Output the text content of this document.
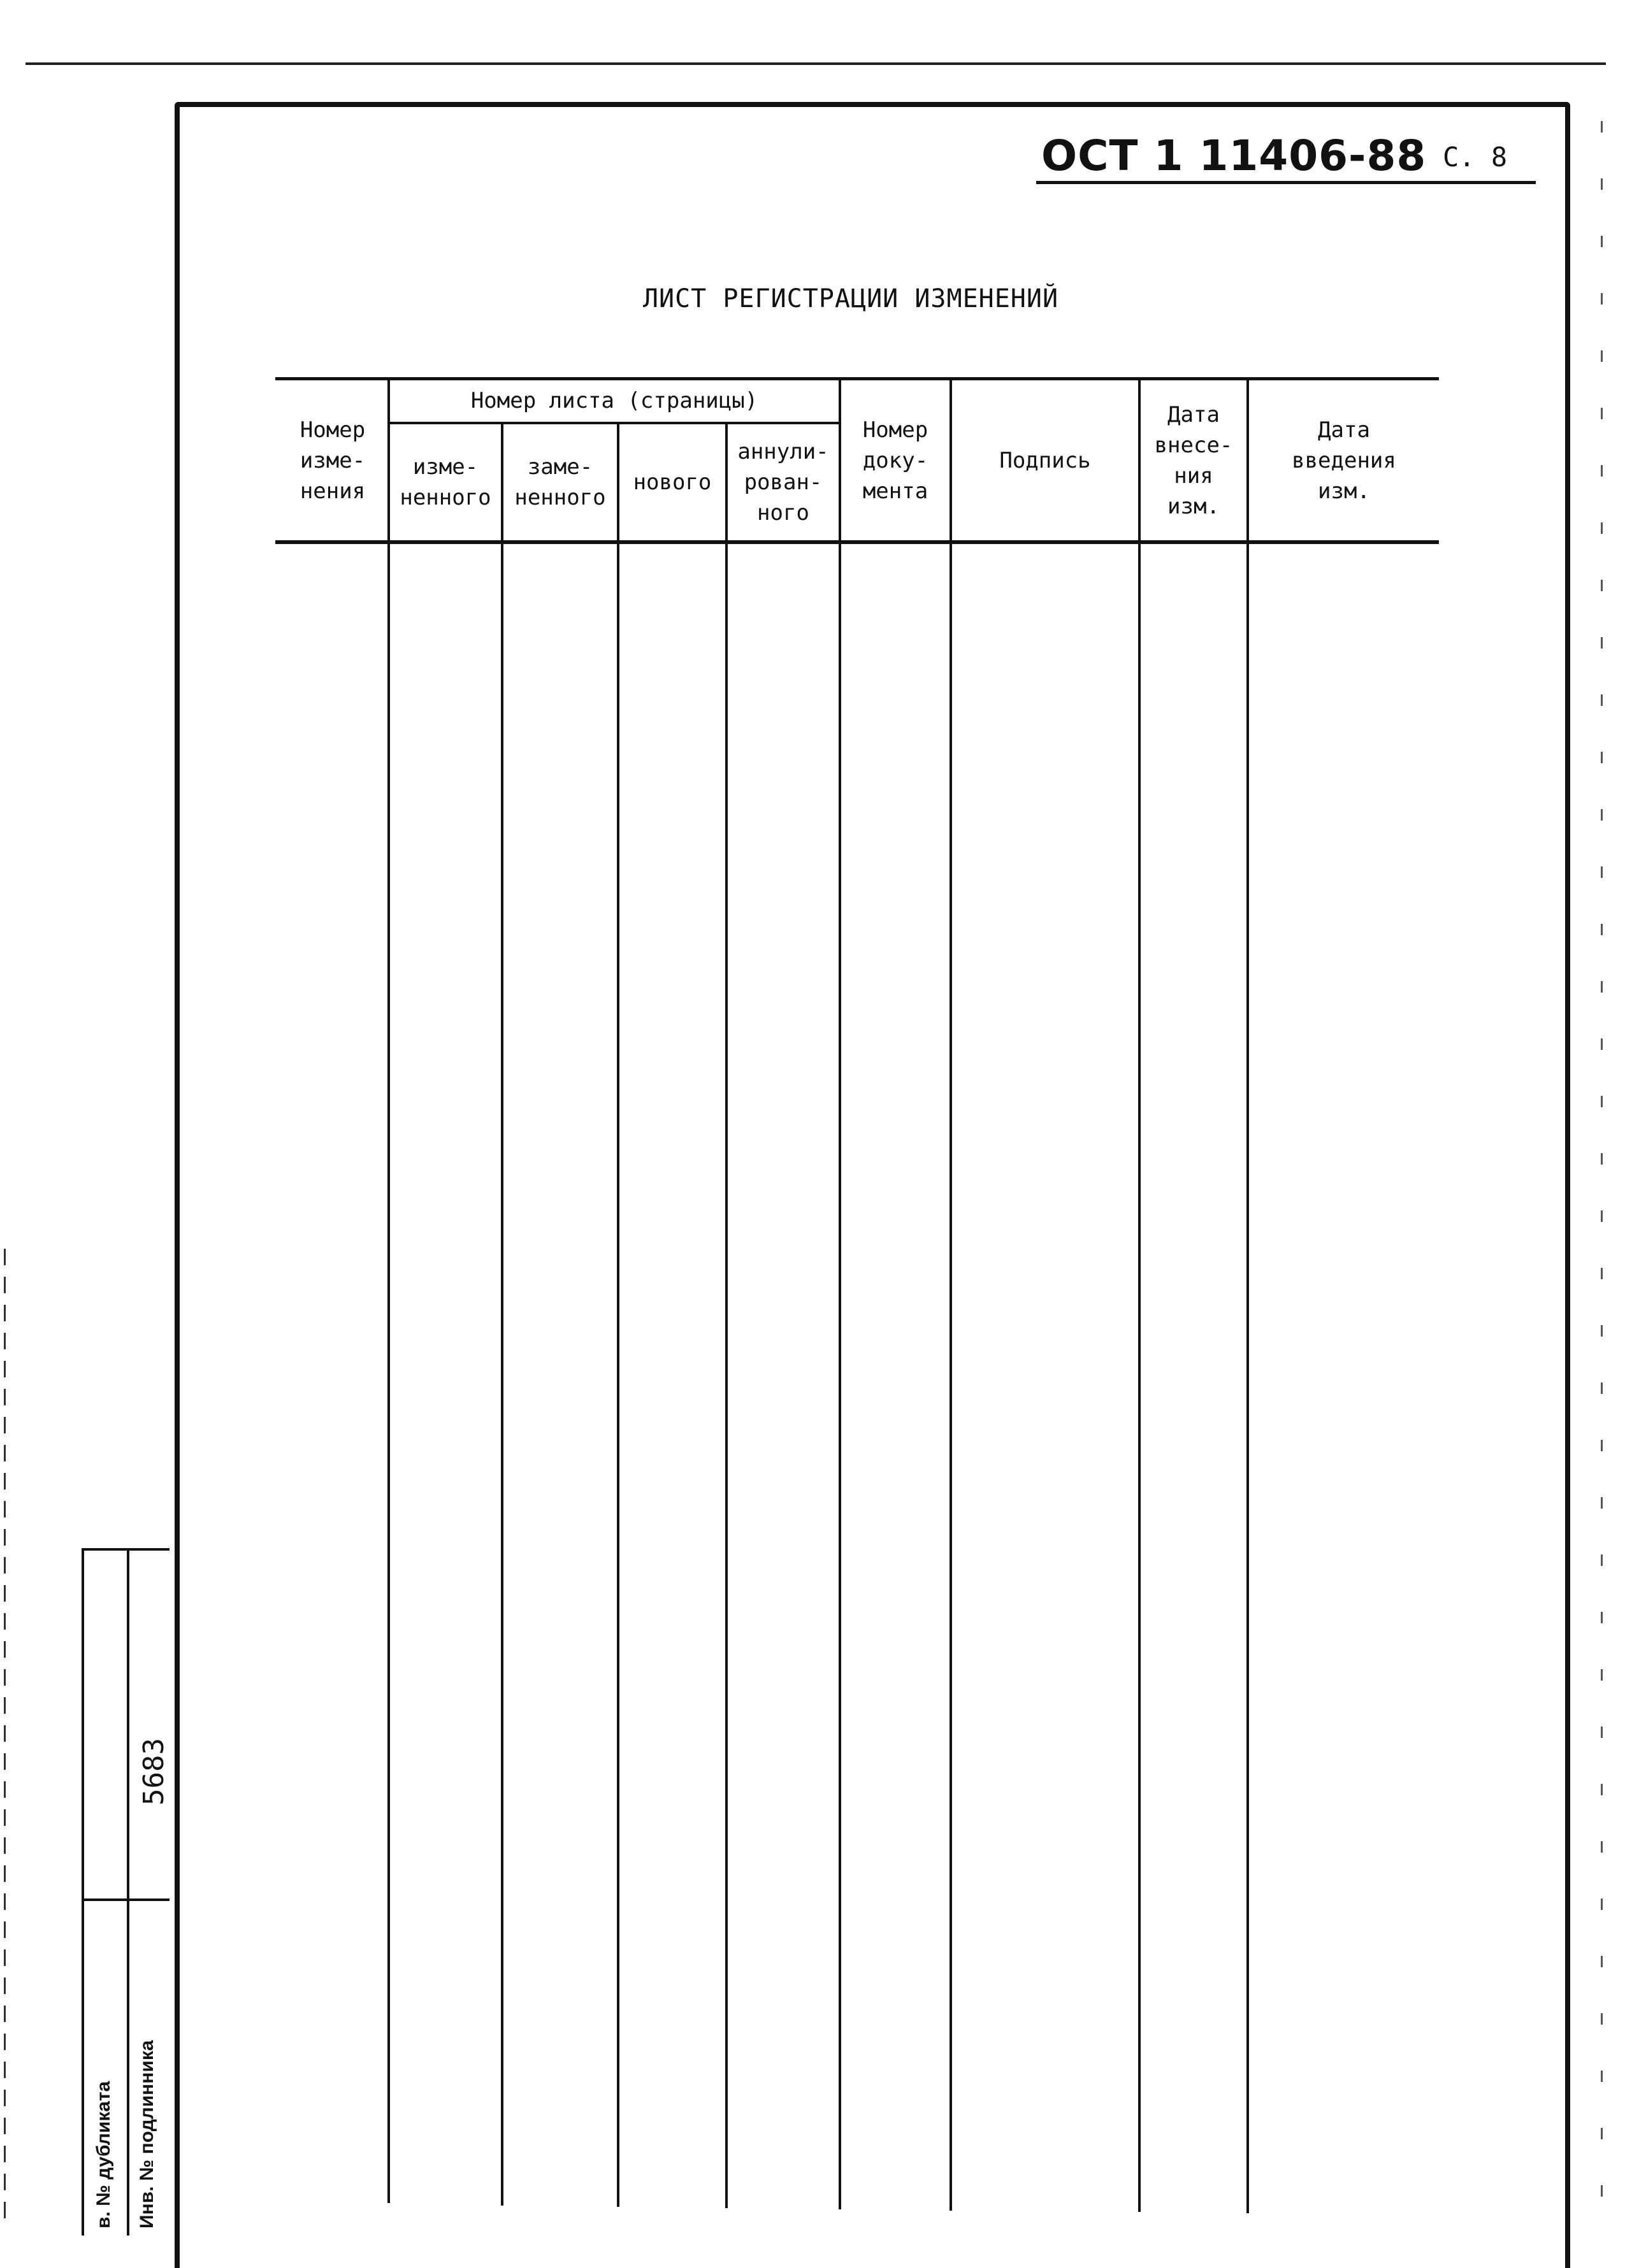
ОСТ 1 11406-88 С. 8
ЛИСТ РЕГИСТРАЦИИ ИЗМЕНЕНИЙ
Номер
изме-
нения
Номер листа (страницы)
изме-
ненного
заме-
ненного
нового
аннули-
рован-
ного
Номер
доку-
мента
Подпись
Дата
внесе-
ния
изм.
Дата
введения
изм.
5683
в. № дубликата Инв. № подлинника
